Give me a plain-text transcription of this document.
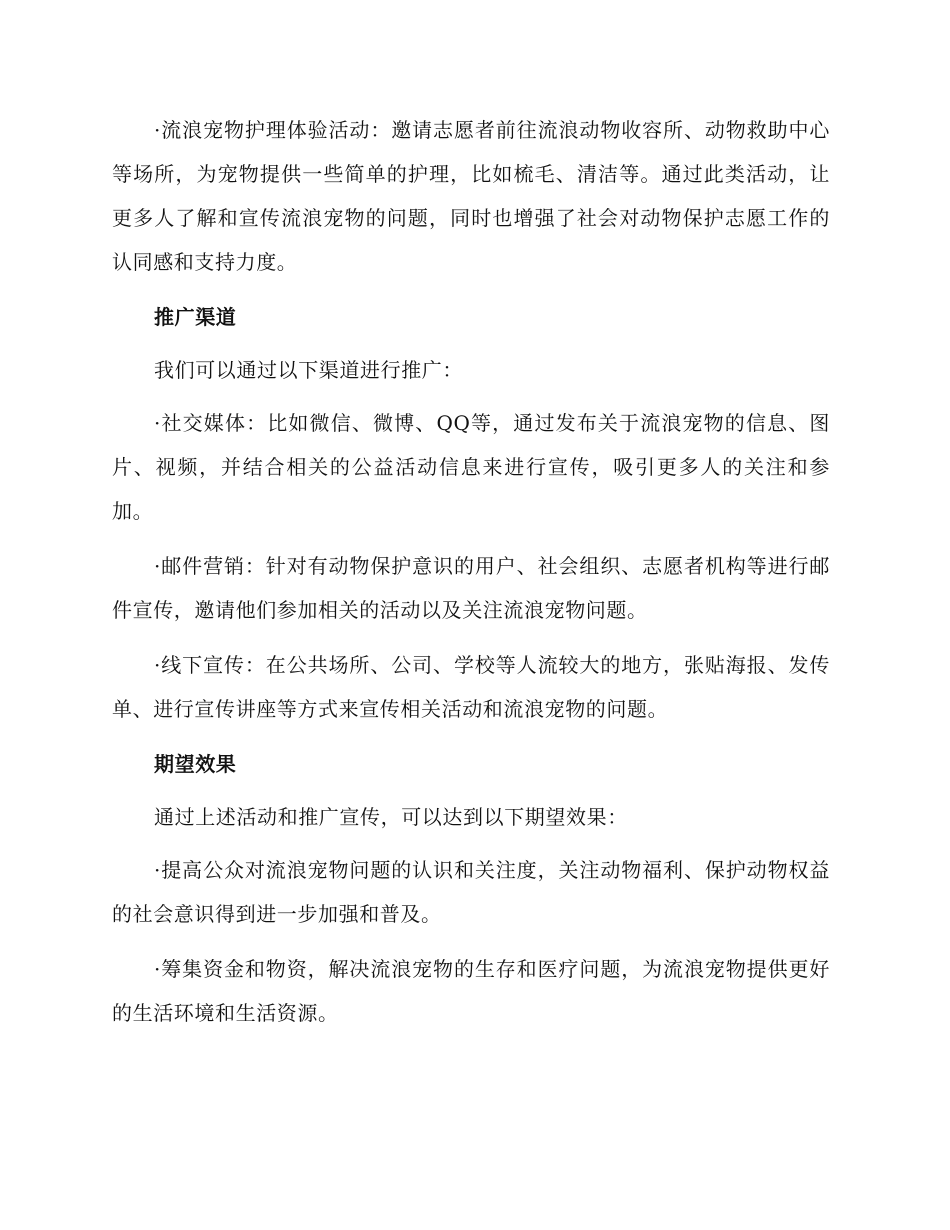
·流浪宠物护理体验活动：邀请志愿者前往流浪动物收容所、动物救助中心等场所，为宠物提供一些简单的护理，比如梳毛、清洁等。通过此类活动，让更多人了解和宣传流浪宠物的问题，同时也增强了社会对动物保护志愿工作的认同感和支持力度。

推广渠道

我们可以通过以下渠道进行推广：

·社交媒体：比如微信、微博、QQ等，通过发布关于流浪宠物的信息、图片、视频，并结合相关的公益活动信息来进行宣传，吸引更多人的关注和参加。

·邮件营销：针对有动物保护意识的用户、社会组织、志愿者机构等进行邮件宣传，邀请他们参加相关的活动以及关注流浪宠物问题。

·线下宣传：在公共场所、公司、学校等人流较大的地方，张贴海报、发传单、进行宣传讲座等方式来宣传相关活动和流浪宠物的问题。

期望效果

通过上述活动和推广宣传，可以达到以下期望效果：

·提高公众对流浪宠物问题的认识和关注度，关注动物福利、保护动物权益的社会意识得到进一步加强和普及。

·筹集资金和物资，解决流浪宠物的生存和医疗问题，为流浪宠物提供更好的生活环境和生活资源。
